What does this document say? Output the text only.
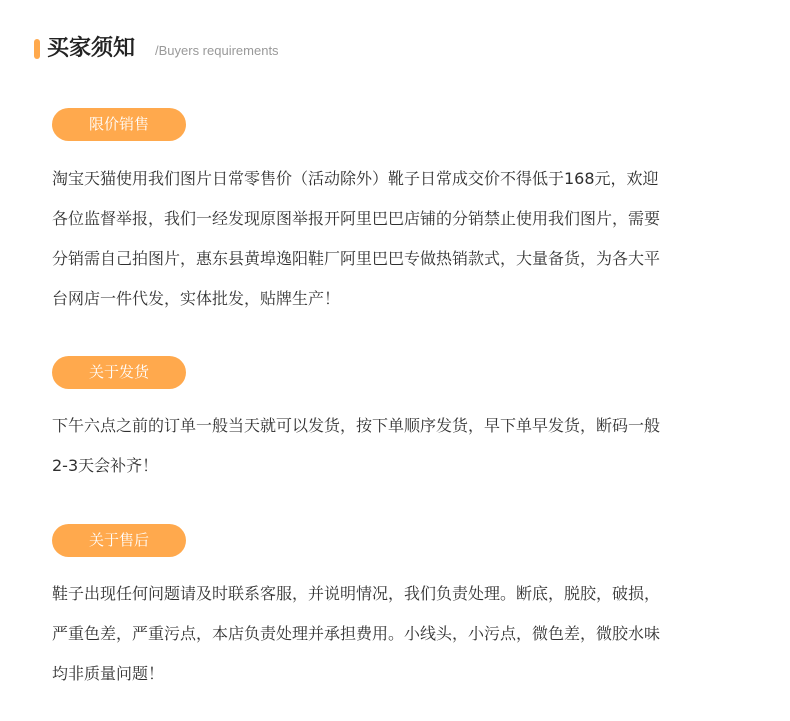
买家须知 /Buyers requirements
限价销售

淘宝天猫使用我们图片日常零售价（活动除外）靴子日常成交价不得低于168元，欢迎
各位监督举报，我们一经发现原图举报开阿里巴巴店铺的分销禁止使用我们图片，需要
分销需自己拍图片，惠东县黄埠逸阳鞋厂阿里巴巴专做热销款式，大量备货，为各大平
台网店一件代发，实体批发，贴牌生产！

关于发货

下午六点之前的订单一般当天就可以发货，按下单顺序发货，早下单早发货，断码一般
2-3天会补齐！

关于售后

鞋子出现任何问题请及时联系客服，并说明情况，我们负责处理。断底，脱胶，破损，
严重色差，严重污点，本店负责处理并承担费用。小线头，小污点，微色差，微胶水味
均非质量问题！
